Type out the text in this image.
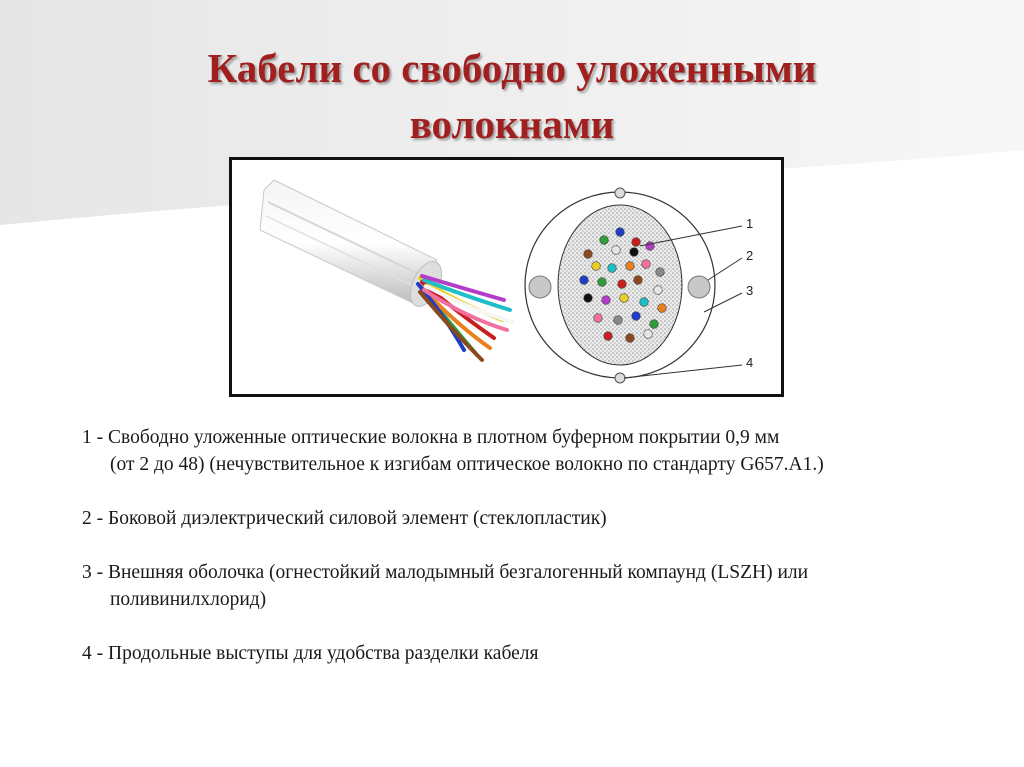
Кабели со свободно уложенными
волокнами
1
2
3
4
1 - Свободно уложенные оптические волокна в плотном буферном покрытии 0,9 мм
(от 2 до 48) (нечувствительное к изгибам оптическое волокно по стандарту G657.A1.)
2 - Боковой диэлектрический силовой элемент (стеклопластик)
3 - Внешняя оболочка (огнестойкий малодымный безгалогенный компаунд (LSZH) или
поливинилхлорид)
4 - Продольные выступы для удобства разделки кабеля
